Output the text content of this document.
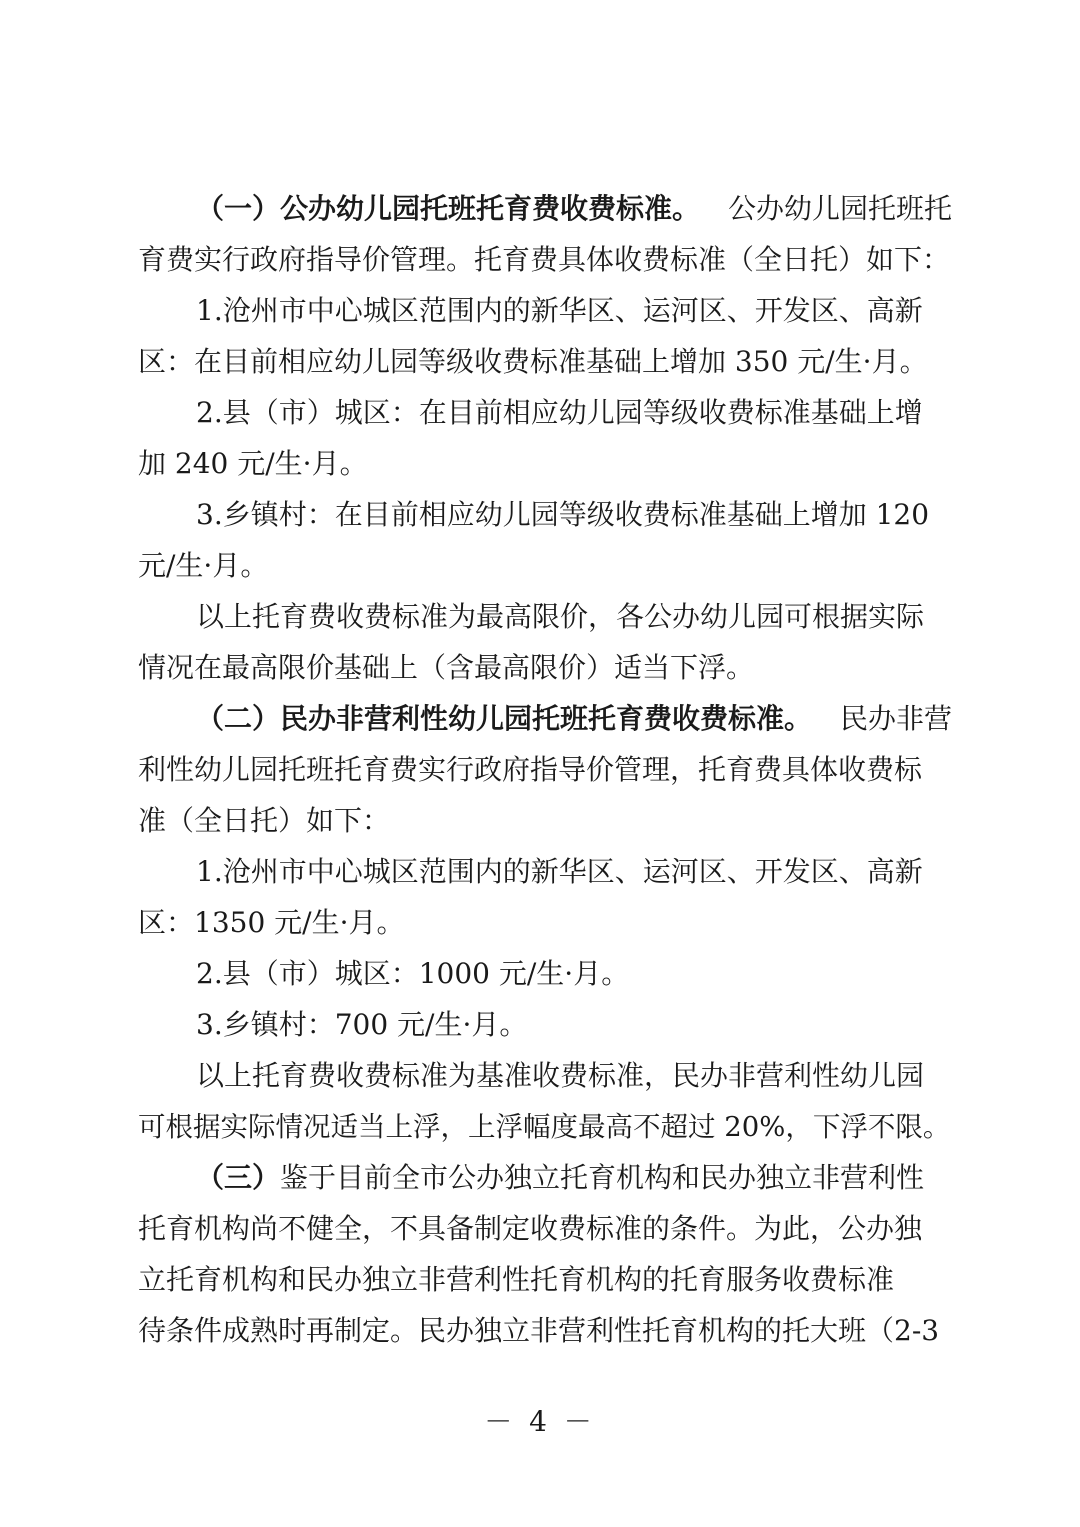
（一）公办幼儿园托班托育费收费标准。 公办幼儿园托班托
育费实行政府指导价管理。托育费具体收费标准（全日托）如下：
1.沧州市中心城区范围内的新华区、运河区、开发区、高新
区：在目前相应幼儿园等级收费标准基础上增加 350 元/生·月。
2.县（市）城区：在目前相应幼儿园等级收费标准基础上增
加 240 元/生·月。
3.乡镇村：在目前相应幼儿园等级收费标准基础上增加 120
元/生·月。
以上托育费收费标准为最高限价，各公办幼儿园可根据实际
情况在最高限价基础上（含最高限价）适当下浮。
（二）民办非营利性幼儿园托班托育费收费标准。 民办非营
利性幼儿园托班托育费实行政府指导价管理，托育费具体收费标
准（全日托）如下：
1.沧州市中心城区范围内的新华区、运河区、开发区、高新
区：1350 元/生·月。
2.县（市）城区：1000 元/生·月。
3.乡镇村：700 元/生·月。
以上托育费收费标准为基准收费标准，民办非营利性幼儿园
可根据实际情况适当上浮，上浮幅度最高不超过 20%，下浮不限。
（三）鉴于目前全市公办独立托育机构和民办独立非营利性
托育机构尚不健全，不具备制定收费标准的条件。为此，公办独
立托育机构和民办独立非营利性托育机构的托育服务收费标准
待条件成熟时再制定。民办独立非营利性托育机构的托大班（2-3
－ 4 －
